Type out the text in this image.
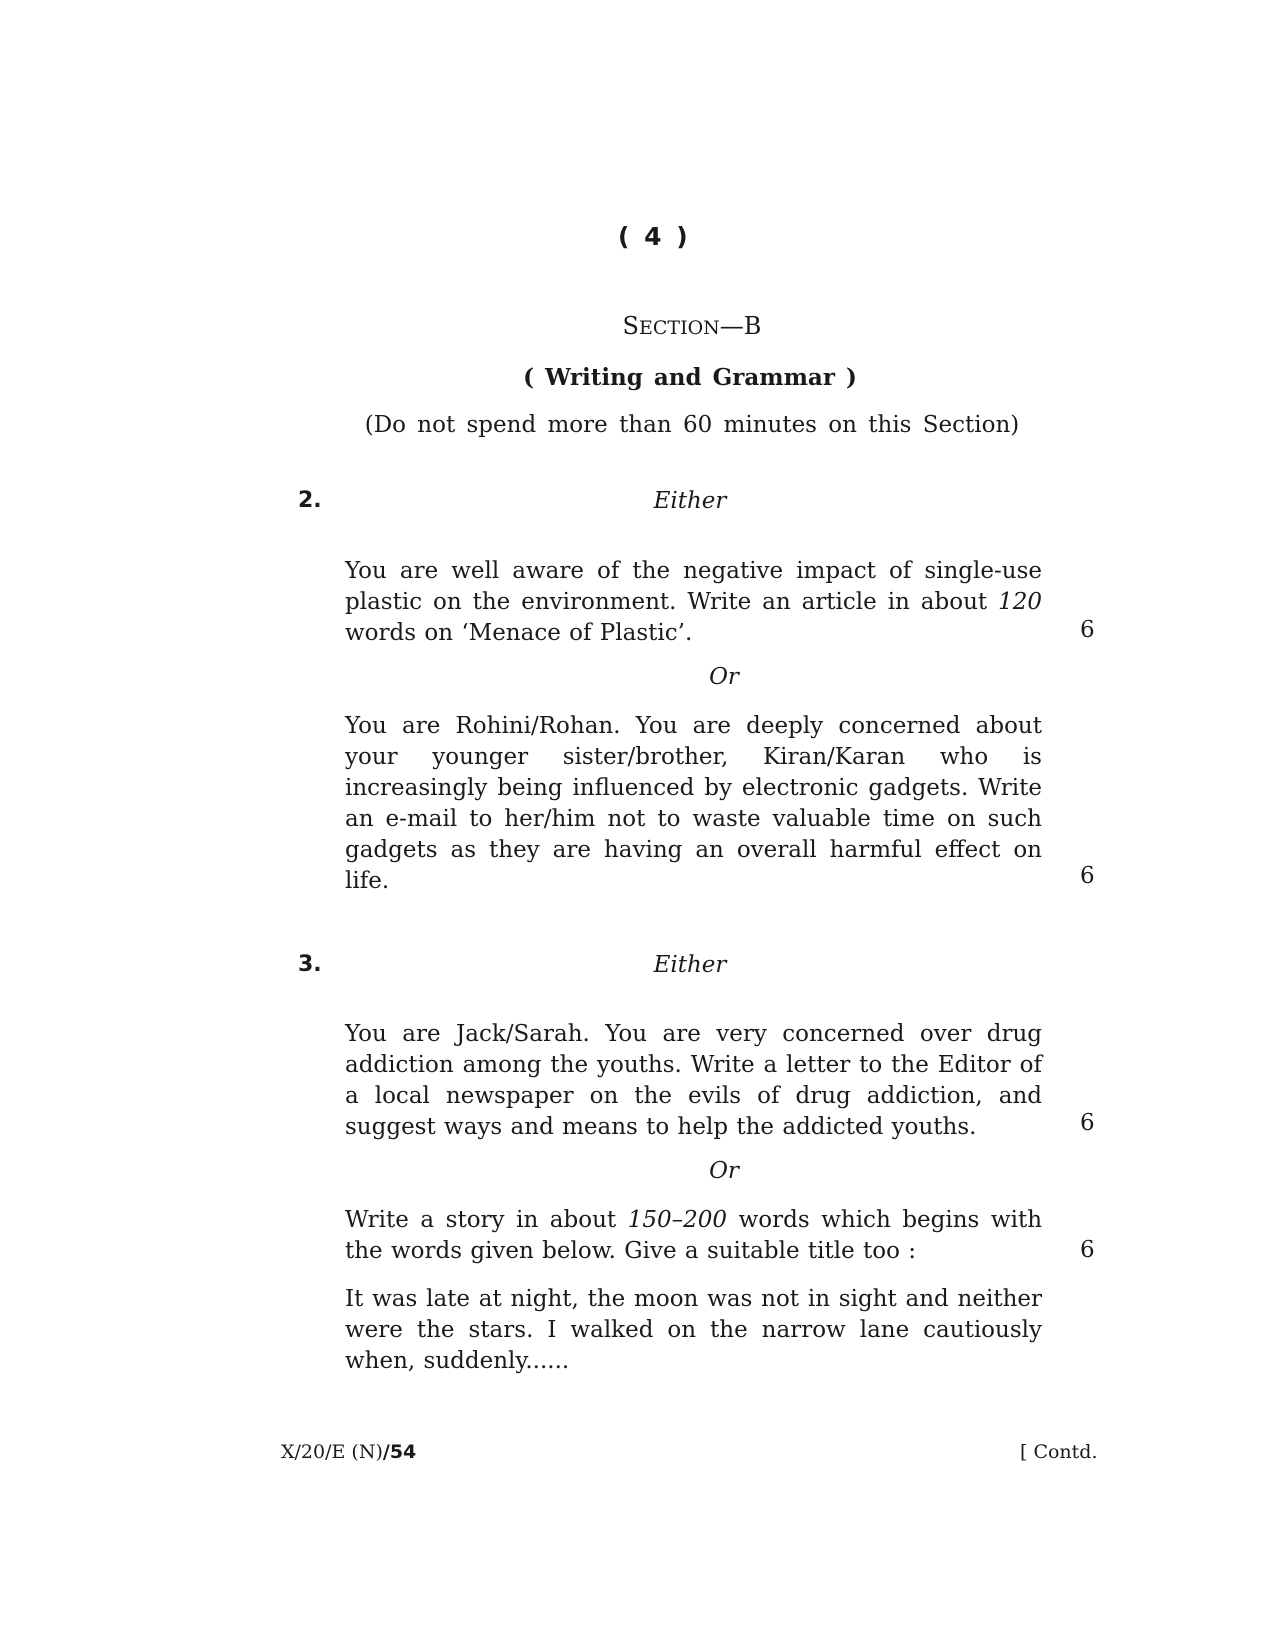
( 4 )
SECTION—B
( Writing and Grammar )
(Do not spend more than 60 minutes on this Section)
2.	Either
You are well aware of the negative impact of single-use plastic on the environment. Write an article in about 120 words on ‘Menace of Plastic’.	6
Or
You are Rohini/Rohan. You are deeply concerned about your younger sister/brother, Kiran/Karan who is increasingly being influenced by electronic gadgets. Write an e-mail to her/him not to waste valuable time on such gadgets as they are having an overall harmful effect on life.	6
3.	Either
You are Jack/Sarah. You are very concerned over drug addiction among the youths. Write a letter to the Editor of a local newspaper on the evils of drug addiction, and suggest ways and means to help the addicted youths.	6
Or
Write a story in about 150–200 words which begins with the words given below. Give a suitable title too :	6
It was late at night, the moon was not in sight and neither were the stars. I walked on the narrow lane cautiously when, suddenly......
X/20/E (N)/54	[ Contd.
